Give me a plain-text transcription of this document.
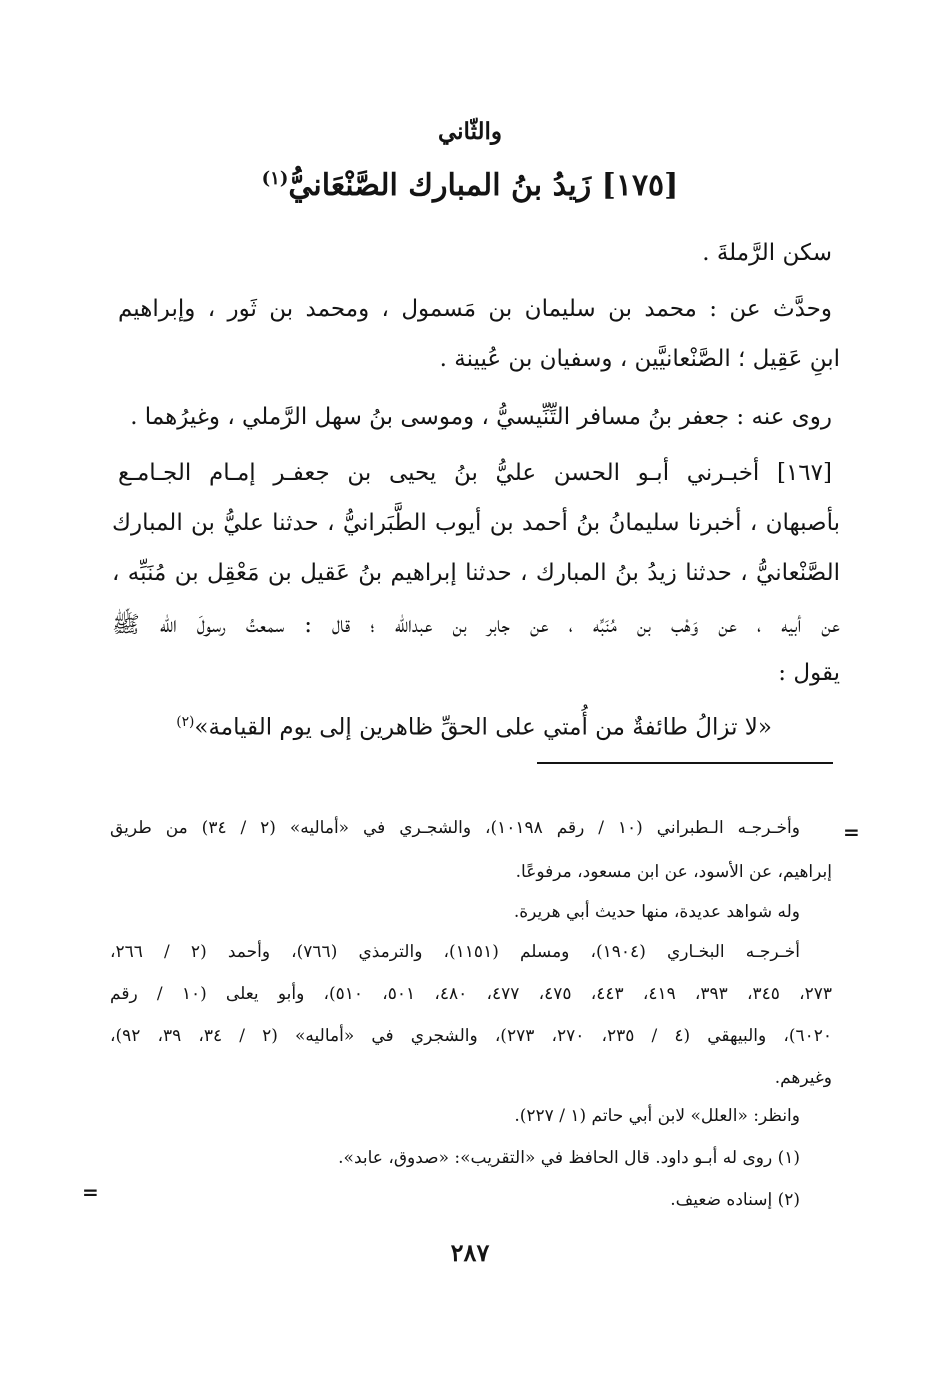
والثّاني
[١٧٥] زَيدُ بنُ المبارك الصَّنْعَانيُّ$^{(١)}$
سكن الرَّملةَ .
وحدَّث عن : محمد بن سليمان بن مَسمول ، ومحمد بن ثَور ، وإبراهيم
ابنِ عَقِيل ؛ الصَّنْعانيَّين ، وسفيان بن عُيينة .
روى عنه : جعفر بنُ مسافر التِّنِّيسيُّ ، وموسى بنُ سهل الرَّملي ، وغيرُهما .
[١٦٧] أخبـرني أبـو الحسن عليُّ بنُ يحيى بن جعفـر إمـام الجـامـع
بأصبهان ، أخبرنا سليمانُ بنُ أحمد بن أيوب الطَّبَرانيُّ ، حدثنا عليُّ بن المبارك
الصَّنْعانيُّ ، حدثنا زيدُ بنُ المبارك ، حدثنا إبراهيم بنُ عَقيل بن مَعْقِل بن مُنَبِّه ،
عن أبيه ، عن وَهْب بن مُنَبِّه ، عن جابر بن عبدالله ؛ قال : سمعتُ رسولَ الله ﷺ
يقول :
«لا تزالُ طائفةٌ من أُمتي على الحقِّ ظاهرين إلى يوم القيامة»$^{(٢)}$
=
وأخـرجـه الـطبراني (١٠ / رقم ١٠١٩٨)، والشجـري في «أماليه» (٢ / ٣٤) من طريق
إبراهيم، عن الأسود، عن ابن مسعود، مرفوعًا.
وله شواهد عديدة، منها حديث أبي هريرة.
أخـرجـه البخـاري (١٩٠٤)، ومسلم (١١٥١)، والترمذي (٧٦٦)، وأحمد (٢ / ٢٦٦،
٢٧٣، ٣٤٥، ٣٩٣، ٤١٩، ٤٤٣، ٤٧٥، ٤٧٧، ٤٨٠، ٥٠١، ٥١٠)، وأبو يعلى (١٠ / رقم
٦٠٢٠)، والبيهقي (٤ / ٢٣٥، ٢٧٠، ٢٧٣)، والشجري في «أماليه» (٢ / ٣٤، ٣٩، ٩٢)،
وغيرهم.
وانظر: «العلل» لابن أبي حاتم (١ / ٢٢٧).
(١) روى له أبـو داود. قال الحافظ في «التقريب»: «صدوق، عابد».
(٢) إسناده ضعيف.
=
٢٨٧
